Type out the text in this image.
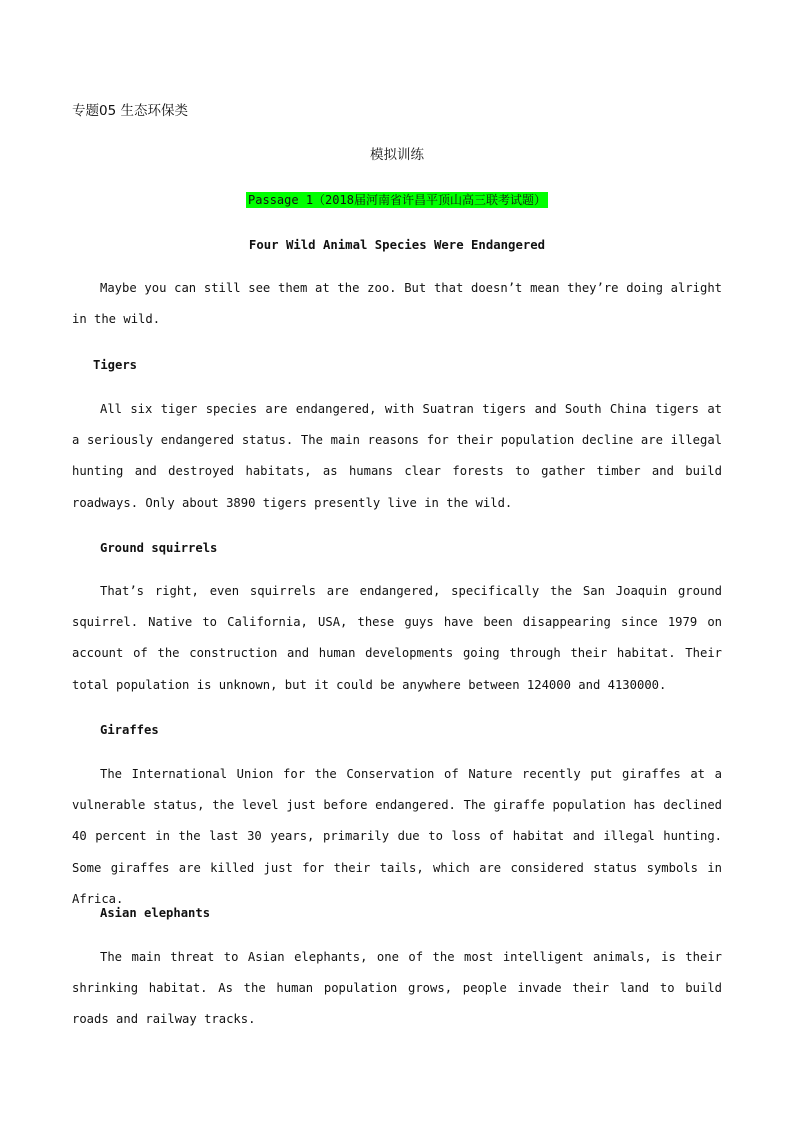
专题05 生态环保类
模拟训练
Passage 1（2018届河南省许昌平顶山高三联考试题）
Four Wild Animal Species Were Endangered

Maybe you can still see them at the zoo. But that doesn’t mean they’re doing alright in the wild.

Tigers

All six tiger species are endangered, with Suatran tigers and South China tigers at a seriously endangered status. The main reasons for their population decline are illegal hunting and destroyed habitats, as humans clear forests to gather timber and build roadways. Only about 3890 tigers presently live in the wild.

Ground squirrels

That’s right, even squirrels are endangered, specifically the San Joaquin ground squirrel. Native to California, USA, these guys have been disappearing since 1979 on account of the construction and human developments going through their habitat. Their total population is unknown, but it could be anywhere between 124000 and 4130000.

Giraffes

The International Union for the Conservation of Nature recently put giraffes at a vulnerable status, the level just before endangered. The giraffe population has declined 40 percent in the last 30 years, primarily due to loss of habitat and illegal hunting. Some giraffes are killed just for their tails, which are considered status symbols in Africa.

Asian elephants

The main threat to Asian elephants, one of the most intelligent animals, is their shrinking habitat. As the human population grows, people invade their land to build roads and railway tracks.
